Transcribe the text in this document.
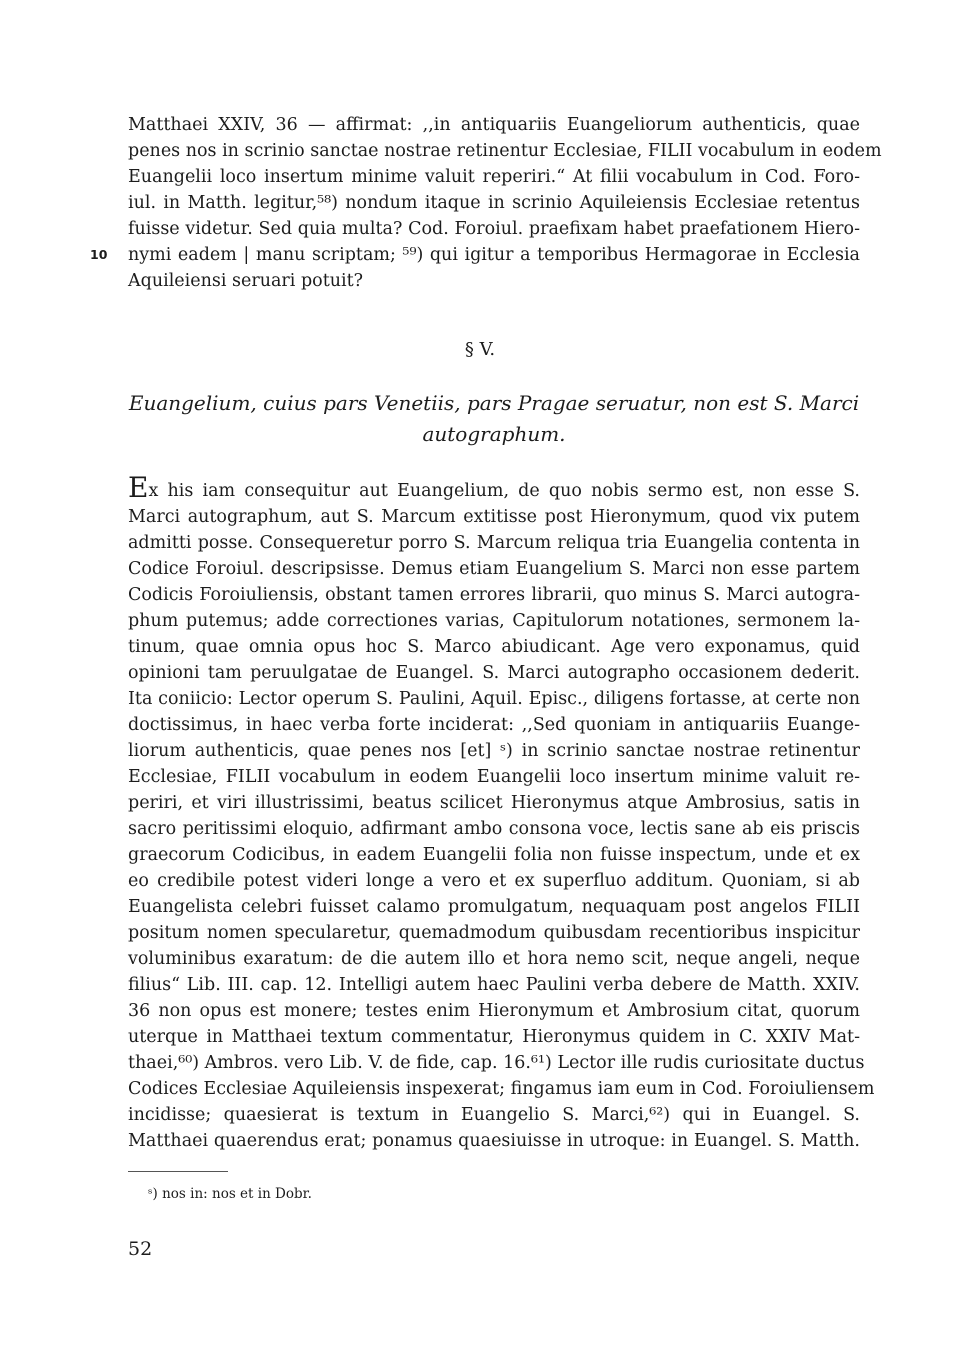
Matthaei XXIV, 36 — affirmat: ,,in antiquariis Euangeliorum authenticis, quae
penes nos in scrinio sanctae nostrae retinentur Ecclesiae, FILII vocabulum in eodem
Euangelii loco insertum minime valuit reperiri.“ At filii vocabulum in Cod. Foro-
iul. in Matth. legitur,⁵⁸) nondum itaque in scrinio Aquileiensis Ecclesiae retentus
fuisse videtur. Sed quia multa? Cod. Foroiul. praefixam habet praefationem Hiero-
nymi eadem | manu scriptam; ⁵⁹) qui igitur a temporibus Hermagorae in Ecclesia
Aquileiensi seruari potuit?
10
§ V.
Euangelium, cuius pars Venetiis, pars Pragae seruatur, non est S. Marci
autographum.
Ex his iam consequitur aut Euangelium, de quo nobis sermo est, non esse S.
Marci autographum, aut S. Marcum extitisse post Hieronymum, quod vix putem
admitti posse. Consequeretur porro S. Marcum reliqua tria Euangelia contenta in
Codice Foroiul. descripsisse. Demus etiam Euangelium S. Marci non esse partem
Codicis Foroiuliensis, obstant tamen errores librarii, quo minus S. Marci autogra-
phum putemus; adde correctiones varias, Capitulorum notationes, sermonem la-
tinum, quae omnia opus hoc S. Marco abiudicant. Age vero exponamus, quid
opinioni tam peruulgatae de Euangel. S. Marci autographo occasionem dederit.
Ita coniicio: Lector operum S. Paulini, Aquil. Episc., diligens fortasse, at certe non
doctissimus, in haec verba forte inciderat: ,,Sed quoniam in antiquariis Euange-
liorum authenticis, quae penes nos [et] ˢ) in scrinio sanctae nostrae retinentur
Ecclesiae, FILII vocabulum in eodem Euangelii loco insertum minime valuit re-
periri, et viri illustrissimi, beatus scilicet Hieronymus atque Ambrosius, satis in
sacro peritissimi eloquio, adfirmant ambo consona voce, lectis sane ab eis priscis
graecorum Codicibus, in eadem Euangelii folia non fuisse inspectum, unde et ex
eo credibile potest videri longe a vero et ex superfluo additum. Quoniam, si ab
Euangelista celebri fuisset calamo promulgatum, nequaquam post angelos FILII
positum nomen specularetur, quemadmodum quibusdam recentioribus inspicitur
voluminibus exaratum: de die autem illo et hora nemo scit, neque angeli, neque
filius“ Lib. III. cap. 12. Intelligi autem haec Paulini verba debere de Matth. XXIV.
36 non opus est monere; testes enim Hieronymum et Ambrosium citat, quorum
uterque in Matthaei textum commentatur, Hieronymus quidem in C. XXIV Mat-
thaei,⁶⁰) Ambros. vero Lib. V. de fide, cap. 16.⁶¹) Lector ille rudis curiositate ductus
Codices Ecclesiae Aquileiensis inspexerat; fingamus iam eum in Cod. Foroiuliensem
incidisse; quaesierat is textum in Euangelio S. Marci,⁶²) qui in Euangel. S.
Matthaei quaerendus erat; ponamus quaesiuisse in utroque: in Euangel. S. Matth.
ˢ) nos in: nos et in Dobr.
52
